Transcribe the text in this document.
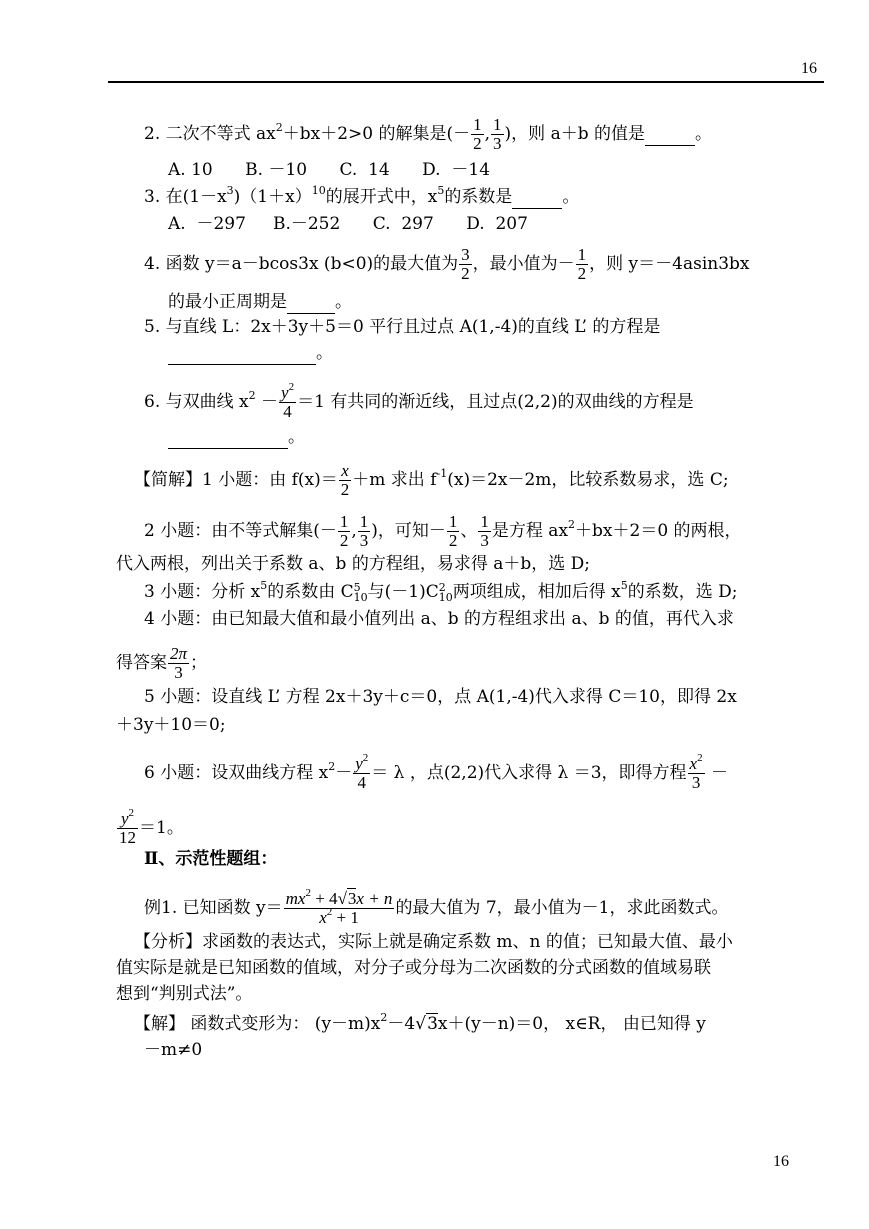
16
2. 二次不等式 $ax^2+bx+2>0$ 的解集是(－ $\frac{1}{2}$ , $\frac{1}{3}$ )，则 a＋b 的值是	。
A. 10      B. －10      C.  14      D.  －14
3. 在$(1-x^3)(1+x)^{10}$的展开式中，$x^5$的系数是	。
A.  －297     B.－252      C.  297      D.  207
4. 函数 y＝a－bcos3x (b<0)的最大值为 $\frac{3}{2}$ ，最小值为－ $\frac{1}{2}$ ，则 y＝－4asin3bx
的最小正周期是	。
5. 与直线 L：2x＋3y＋5＝0 平行且过点 A(1,-4)的直线 L’ 的方程是
。
6. 与双曲线 $x^2 - \frac{y^2}{4} =1$ 有共同的渐近线，且过点(2,2)的双曲线的方程是
。
【简解】1 小题：由 $f(x)= \frac{x}{2} +m$ 求出 $f^{-1}(x)=2x-2m$，比较系数易求，选 C;
2 小题：由不等式解集(－ $\frac{1}{2}$ , $\frac{1}{3}$ )，可知－ $\frac{1}{2}$ 、 $\frac{1}{3}$ 是方程 $ax^2+bx+2=0$ 的两根，
代入两根，列出关于系数 a、b 的方程组，易求得 a＋b，选 D;
3 小题：分析 $x^5$的系数由 C5
10与(－1)C2
10两项组成，相加后得 $x^5$的系数，选 D;
4 小题：由已知最大值和最小值列出 a、b 的方程组求出 a、b 的值，再代入求
得答案 $\frac{2\pi}{3}$ ；
5 小题：设直线 L’ 方程 2x＋3y＋c＝0，点 A(1,-4)代入求得 C＝10，即得 2x
＋3y＋10＝0;
6 小题：设双曲线方程 $x^2- \frac{y^2}{4} = \lambda$ ，点(2,2)代入求得 λ ＝3，即得方程 $\frac{x^2}{3}$ －
$\frac{y^2}{12} =1$。
Ⅱ、示范性题组：
例1. 已知函数 $y= \frac{mx^2 + 4√3x + n}{x^2 + 1}$ 的最大值为 7，最小值为－1，求此函数式。
【分析】求函数的表达式，实际上就是确定系数 m、n 的值；已知最大值、最小
值实际是就是已知函数的值域，对分子或分母为二次函数的分式函数的值域易联
想到“判别式法”。
【解】 函数式变形为： $(y-m)x^2-4√3x+(y-n)=0$， x∈R， 由已知得 y
－m≠0
16
